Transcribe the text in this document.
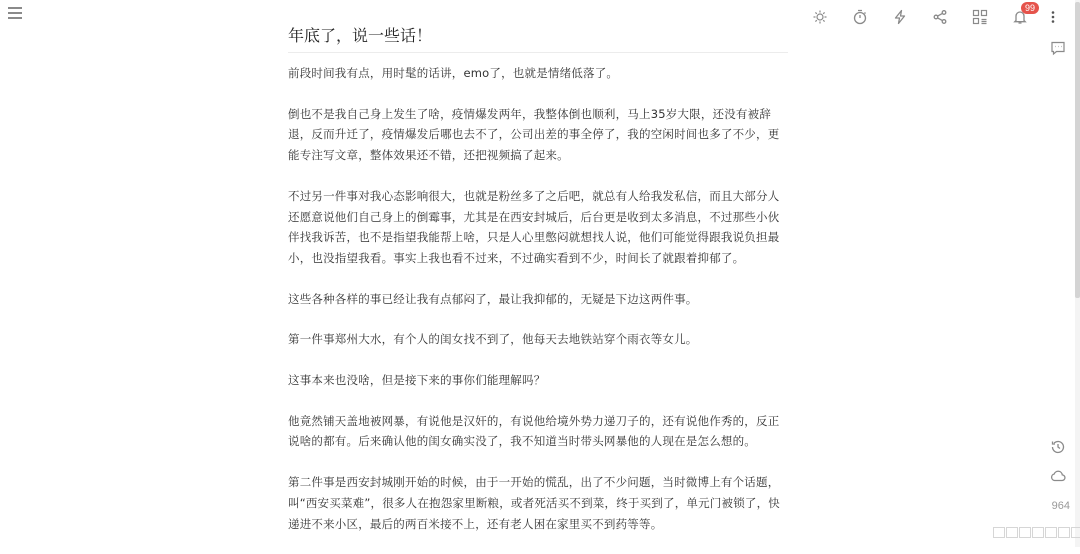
99
年底了，说一些话！

前段时间我有点，用时髦的话讲，emo了，也就是情绪低落了。

倒也不是我自己身上发生了啥，疫情爆发两年，我整体倒也顺利，马上35岁大限，还没有被辞退，反而升迁了，疫情爆发后哪也去不了，公司出差的事全停了，我的空闲时间也多了不少，更能专注写文章，整体效果还不错，还把视频搞了起来。

不过另一件事对我心态影响很大，也就是粉丝多了之后吧，就总有人给我发私信，而且大部分人还愿意说他们自己身上的倒霉事，尤其是在西安封城后，后台更是收到太多消息，不过那些小伙伴找我诉苦，也不是指望我能帮上啥，只是人心里憋闷就想找人说，他们可能觉得跟我说负担最小，也没指望我看。事实上我也看不过来，不过确实看到不少，时间长了就跟着抑郁了。

这些各种各样的事已经让我有点郁闷了，最让我抑郁的，无疑是下边这两件事。

第一件事郑州大水，有个人的闺女找不到了，他每天去地铁站穿个雨衣等女儿。

这事本来也没啥，但是接下来的事你们能理解吗？

他竟然铺天盖地被网暴，有说他是汉奸的，有说他给境外势力递刀子的，还有说他作秀的，反正说啥的都有。后来确认他的闺女确实没了，我不知道当时带头网暴他的人现在是怎么想的。

第二件事是西安封城刚开始的时候，由于一开始的慌乱，出了不少问题，当时微博上有个话题，叫“西安买菜难”，很多人在抱怨家里断粮，或者死活买不到菜，终于买到了，单元门被锁了，快递进不来小区，最后的两百米接不上，还有老人困在家里买不到药等等。

964
